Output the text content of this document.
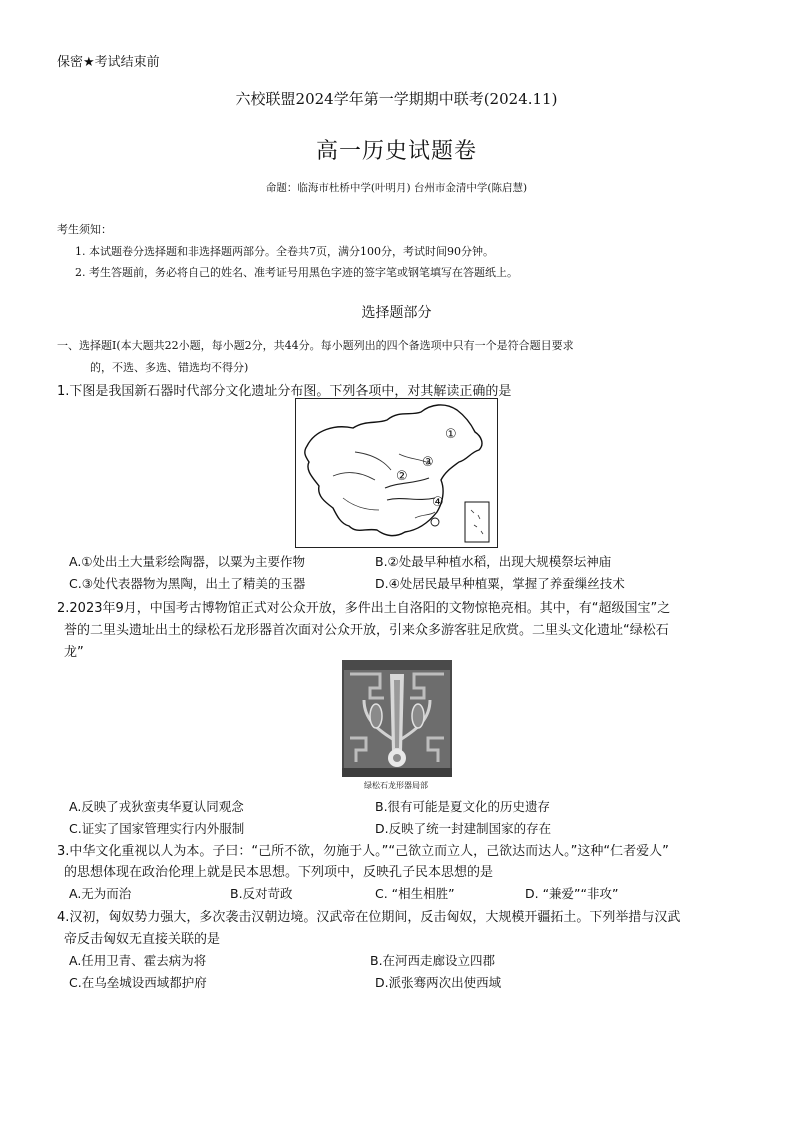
保密★考试结束前
六校联盟2024学年第一学期期中联考(2024.11)
高一历史试题卷
命题：临海市杜桥中学(叶明月) 台州市金清中学(陈启慧)
考生须知：
1. 本试题卷分选择题和非选择题两部分。全卷共7页，满分100分，考试时间90分钟。
2. 考生答题前，务必将自己的姓名、准考证号用黑色字迹的签字笔或钢笔填写在答题纸上。
选择题部分
一、选择题Ⅰ(本大题共22小题，每小题2分，共44分。每小题列出的四个备选项中只有一个是符合题目要求
的，不选、多选、错选均不得分)
1.下图是我国新石器时代部分文化遗址分布图。下列各项中，对其解读正确的是
①
②
③
④
A.①处出土大量彩绘陶器，以粟为主要作物	B.②处最早种植水稻，出现大规模祭坛神庙
C.③处代表器物为黑陶，出土了精美的玉器	D.④处居民最早种植粟，掌握了养蚕缫丝技术
2.2023年9月，中国考古博物馆正式对公众开放，多件出土自洛阳的文物惊艳亮相。其中，有“超级国宝”之
誉的二里头遗址出土的绿松石龙形器首次面对公众开放，引来众多游客驻足欣赏。二里头文化遗址“绿松石
龙”
绿松石龙形器局部
A.反映了戎狄蛮夷华夏认同观念	B.很有可能是夏文化的历史遗存
C.证实了国家管理实行内外服制	D.反映了统一封建制国家的存在
3.中华文化重视以人为本。子曰：“己所不欲，勿施于人。”“己欲立而立人，己欲达而达人。”这种“仁者爱人”
的思想体现在政治伦理上就是民本思想。下列项中，反映孔子民本思想的是
A.无为而治	B.反对苛政	C. “相生相胜”	D. “兼爱”“非攻”
4.汉初，匈奴势力强大，多次袭击汉朝边境。汉武帝在位期间，反击匈奴，大规模开疆拓土。下列举措与汉武
帝反击匈奴无直接关联的是
A.任用卫青、霍去病为将	B.在河西走廊设立四郡
C.在乌垒城设西域都护府	D.派张骞两次出使西域
